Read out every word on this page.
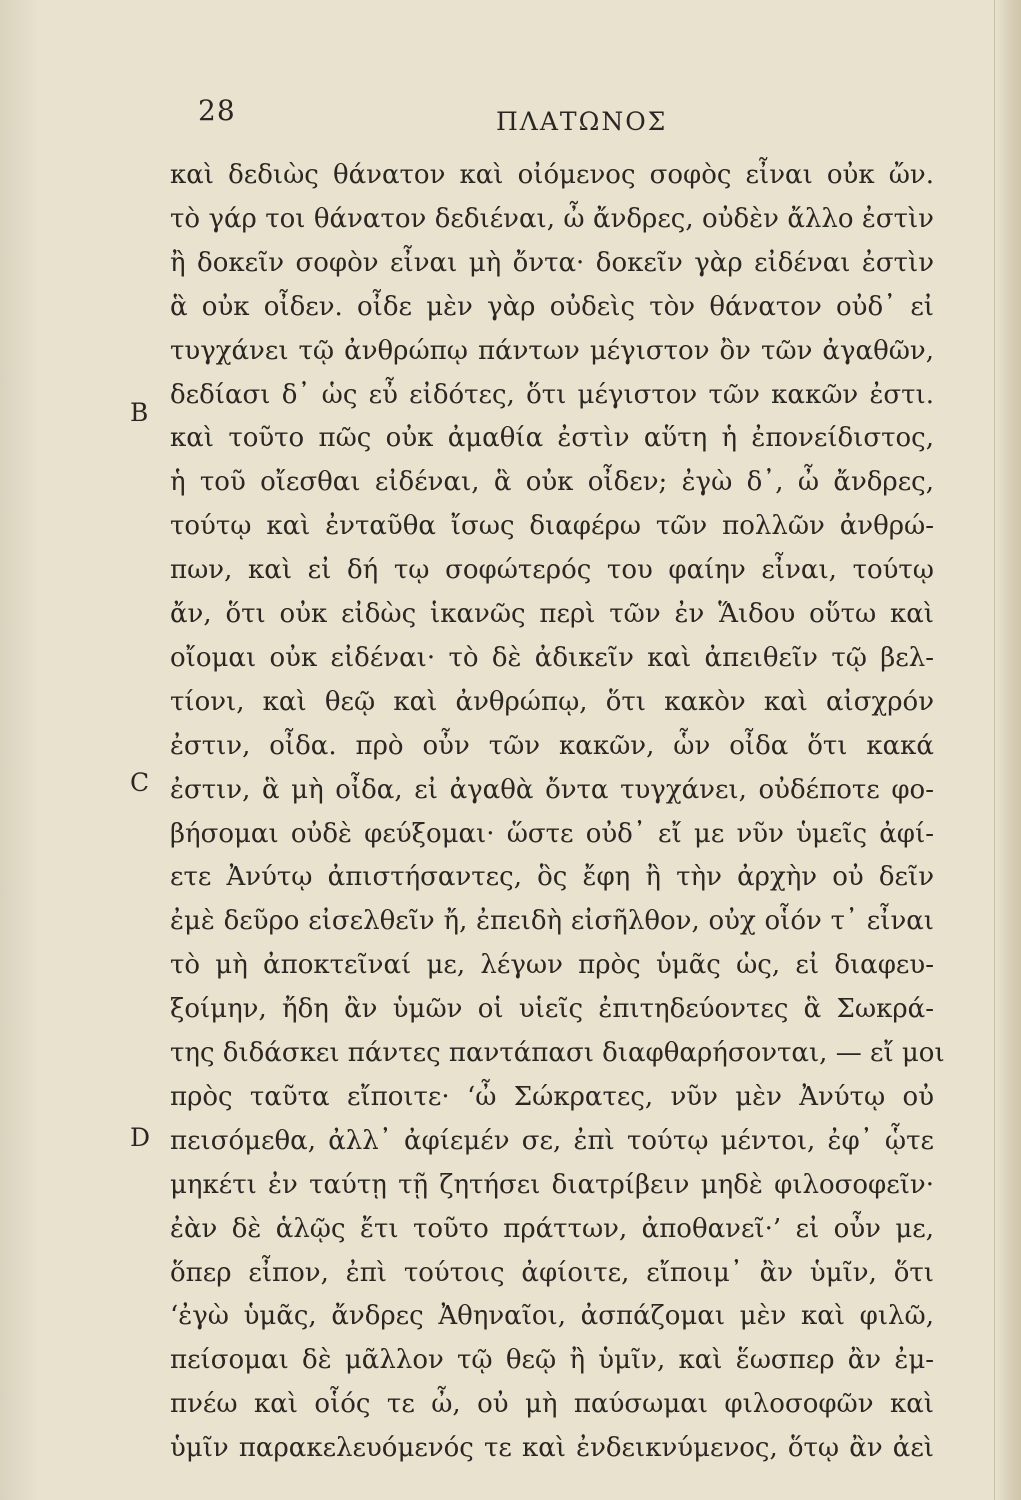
28	ΠΛΑΤΩΝΟΣ
B
C
D
καὶ δεδιὼς θάνατον καὶ οἰόμενος σοφὸς εἶναι οὐκ ὤν.
τὸ γάρ τοι θάνατον δεδιέναι, ὦ ἄνδρες, οὐδὲν ἄλλο ἐστὶν
ἢ δοκεῖν σοφὸν εἶναι μὴ ὄντα· δοκεῖν γὰρ εἰδέναι ἐστὶν
ἃ οὐκ οἶδεν. οἶδε μὲν γὰρ οὐδεὶς τὸν θάνατον οὐδ᾽ εἰ
τυγχάνει τῷ ἀνθρώπῳ πάντων μέγιστον ὂν τῶν ἀγαθῶν,
δεδίασι δ᾽ ὡς εὖ εἰδότες, ὅτι μέγιστον τῶν κακῶν ἐστι.
καὶ τοῦτο πῶς οὐκ ἀμαθία ἐστὶν αὕτη ἡ ἐπονείδιστος,
ἡ τοῦ οἴεσθαι εἰδέναι, ἃ οὐκ οἶδεν; ἐγὼ δ᾽, ὦ ἄνδρες,
τούτῳ καὶ ἐνταῦθα ἴσως διαφέρω τῶν πολλῶν ἀνθρώ-
πων, καὶ εἰ δή τῳ σοφώτερός του φαίην εἶναι, τούτῳ
ἄν, ὅτι οὐκ εἰδὼς ἱκανῶς περὶ τῶν ἐν Ἅιδου οὕτω καὶ
οἴομαι οὐκ εἰδέναι· τὸ δὲ ἀδικεῖν καὶ ἀπειθεῖν τῷ βελ-
τίονι, καὶ θεῷ καὶ ἀνθρώπῳ, ὅτι κακὸν καὶ αἰσχρόν
ἐστιν, οἶδα. πρὸ οὖν τῶν κακῶν, ὧν οἶδα ὅτι κακά
ἐστιν, ἃ μὴ οἶδα, εἰ ἀγαθὰ ὄντα τυγχάνει, οὐδέποτε φο-
βήσομαι οὐδὲ φεύξομαι· ὥστε οὐδ᾽ εἴ με νῦν ὑμεῖς ἀφί-
ετε Ἀνύτῳ ἀπιστήσαντες, ὃς ἔφη ἢ τὴν ἀρχὴν οὐ δεῖν
ἐμὲ δεῦρο εἰσελθεῖν ἤ, ἐπειδὴ εἰσῆλθον, οὐχ οἷόν τ᾽ εἶναι
τὸ μὴ ἀποκτεῖναί με, λέγων πρὸς ὑμᾶς ὡς, εἰ διαφευ-
ξοίμην, ἤδη ἂν ὑμῶν οἱ υἱεῖς ἐπιτηδεύοντες ἃ Σωκρά-
της διδάσκει πάντες παντάπασι διαφθαρήσονται, — εἴ μοι
πρὸς ταῦτα εἴποιτε· ‘ὦ Σώκρατες, νῦν μὲν Ἀνύτῳ οὐ
πεισόμεθα, ἀλλ᾽ ἀφίεμέν σε, ἐπὶ τούτῳ μέντοι, ἐφ᾽ ᾧτε
μηκέτι ἐν ταύτῃ τῇ ζητήσει διατρίβειν μηδὲ φιλοσοφεῖν·
ἐὰν δὲ ἁλῷς ἔτι τοῦτο πράττων, ἀποθανεῖ·’ εἰ οὖν με,
ὅπερ εἶπον, ἐπὶ τούτοις ἀφίοιτε, εἴποιμ᾽ ἂν ὑμῖν, ὅτι
‘ἐγὼ ὑμᾶς, ἄνδρες Ἀθηναῖοι, ἀσπάζομαι μὲν καὶ φιλῶ,
πείσομαι δὲ μᾶλλον τῷ θεῷ ἢ ὑμῖν, καὶ ἕωσπερ ἂν ἐμ-
πνέω καὶ οἷός τε ὦ, οὐ μὴ παύσωμαι φιλοσοφῶν καὶ
ὑμῖν παρακελευόμενός τε καὶ ἐνδεικνύμενος, ὅτῳ ἂν ἀεὶ
